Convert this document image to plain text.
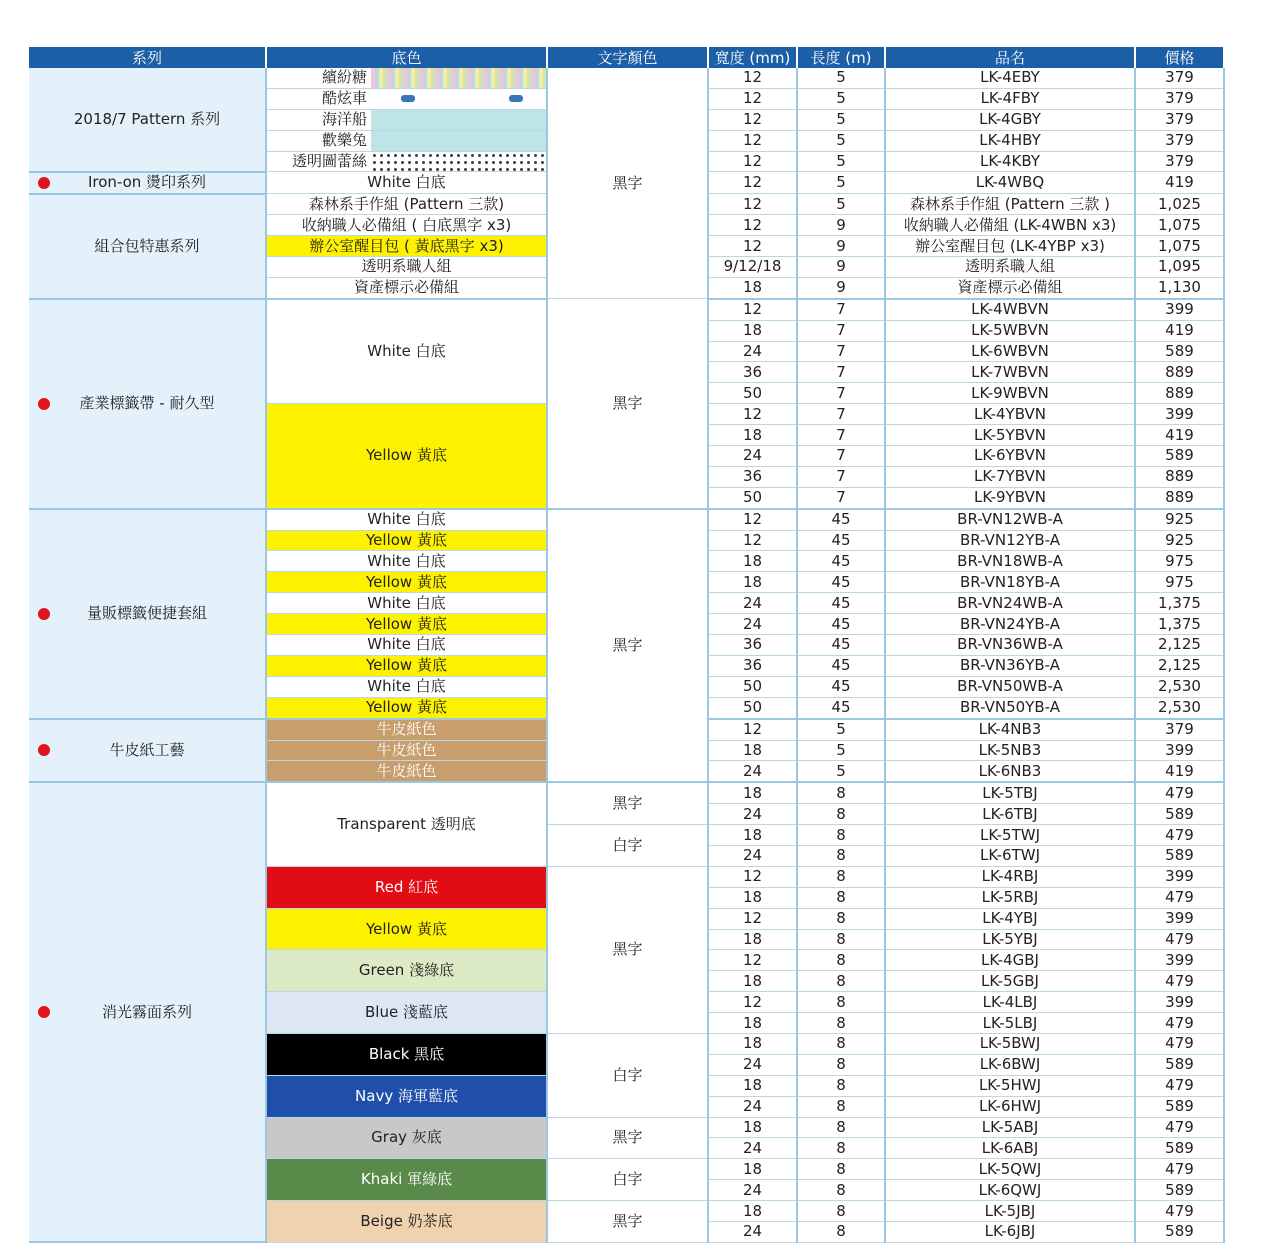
系列	底色	文字顏色	寬度 (mm)	長度 (m)	品名	價格
2018/7 Pattern 系列	繽紛糖	黑字	12	5	LK-4EBY	379
	酷炫車		12	5	LK-4FBY	379
	海洋船		12	5	LK-4GBY	379
	歡樂兔		12	5	LK-4HBY	379
	透明圖蕾絲		12	5	LK-4KBY	379

Iron-on 燙印系列	White 白底		12	5	LK-4WBQ	419
組合包特惠系列	森林系手作組 (Pattern 三款)		12	5	森林系手作組 (Pattern 三款 )	1,025
	收納職人必備組 ( 白底黑字 x3)		12	9	收納職人必備組 (LK-4WBN x3)	1,075
	辦公室醒目包 ( 黃底黑字 x3)		12	9	辦公室醒目包 (LK-4YBP x3)	1,075
	透明系職人組		9/12/18	9	透明系職人組	1,095
	資產標示必備組		18	9	資產標示必備組	1,130

產業標籤帶 - 耐久型	White 白底	黑字	12	7	LK-4WBVN	399
			18	7	LK-5WBVN	419
			24	7	LK-6WBVN	589
			36	7	LK-7WBVN	889
			50	7	LK-9WBVN	889
	Yellow 黃底		12	7	LK-4YBVN	399
			18	7	LK-5YBVN	419
			24	7	LK-6YBVN	589
			36	7	LK-7YBVN	889
			50	7	LK-9YBVN	889

量販標籤便捷套組	White 白底	黑字	12	45	BR-VN12WB-A	925
	Yellow 黃底		12	45	BR-VN12YB-A	925
	White 白底		18	45	BR-VN18WB-A	975
	Yellow 黃底		18	45	BR-VN18YB-A	975
	White 白底		24	45	BR-VN24WB-A	1,375
	Yellow 黃底		24	45	BR-VN24YB-A	1,375
	White 白底		36	45	BR-VN36WB-A	2,125
	Yellow 黃底		36	45	BR-VN36YB-A	2,125
	White 白底		50	45	BR-VN50WB-A	2,530
	Yellow 黃底		50	45	BR-VN50YB-A	2,530

牛皮紙工藝	牛皮紙色		12	5	LK-4NB3	379
	牛皮紙色		18	5	LK-5NB3	399
	牛皮紙色		24	5	LK-6NB3	419

消光霧面系列	Transparent 透明底	黑字	18	8	LK-5TBJ	479
			24	8	LK-6TBJ	589
		白字	18	8	LK-5TWJ	479
			24	8	LK-6TWJ	589
	Red 紅底	黑字	12	8	LK-4RBJ	399
			18	8	LK-5RBJ	479
	Yellow 黃底		12	8	LK-4YBJ	399
			18	8	LK-5YBJ	479
	Green 淺綠底		12	8	LK-4GBJ	399
			18	8	LK-5GBJ	479
	Blue 淺藍底		12	8	LK-4LBJ	399
			18	8	LK-5LBJ	479
	Black 黑底	白字	18	8	LK-5BWJ	479
			24	8	LK-6BWJ	589
	Navy 海軍藍底		18	8	LK-5HWJ	479
			24	8	LK-6HWJ	589
	Gray 灰底	黑字	18	8	LK-5ABJ	479
			24	8	LK-6ABJ	589
	Khaki 軍綠底	白字	18	8	LK-5QWJ	479
			24	8	LK-6QWJ	589
	Beige 奶茶底	黑字	18	8	LK-5JBJ	479
			24	8	LK-6JBJ	589
